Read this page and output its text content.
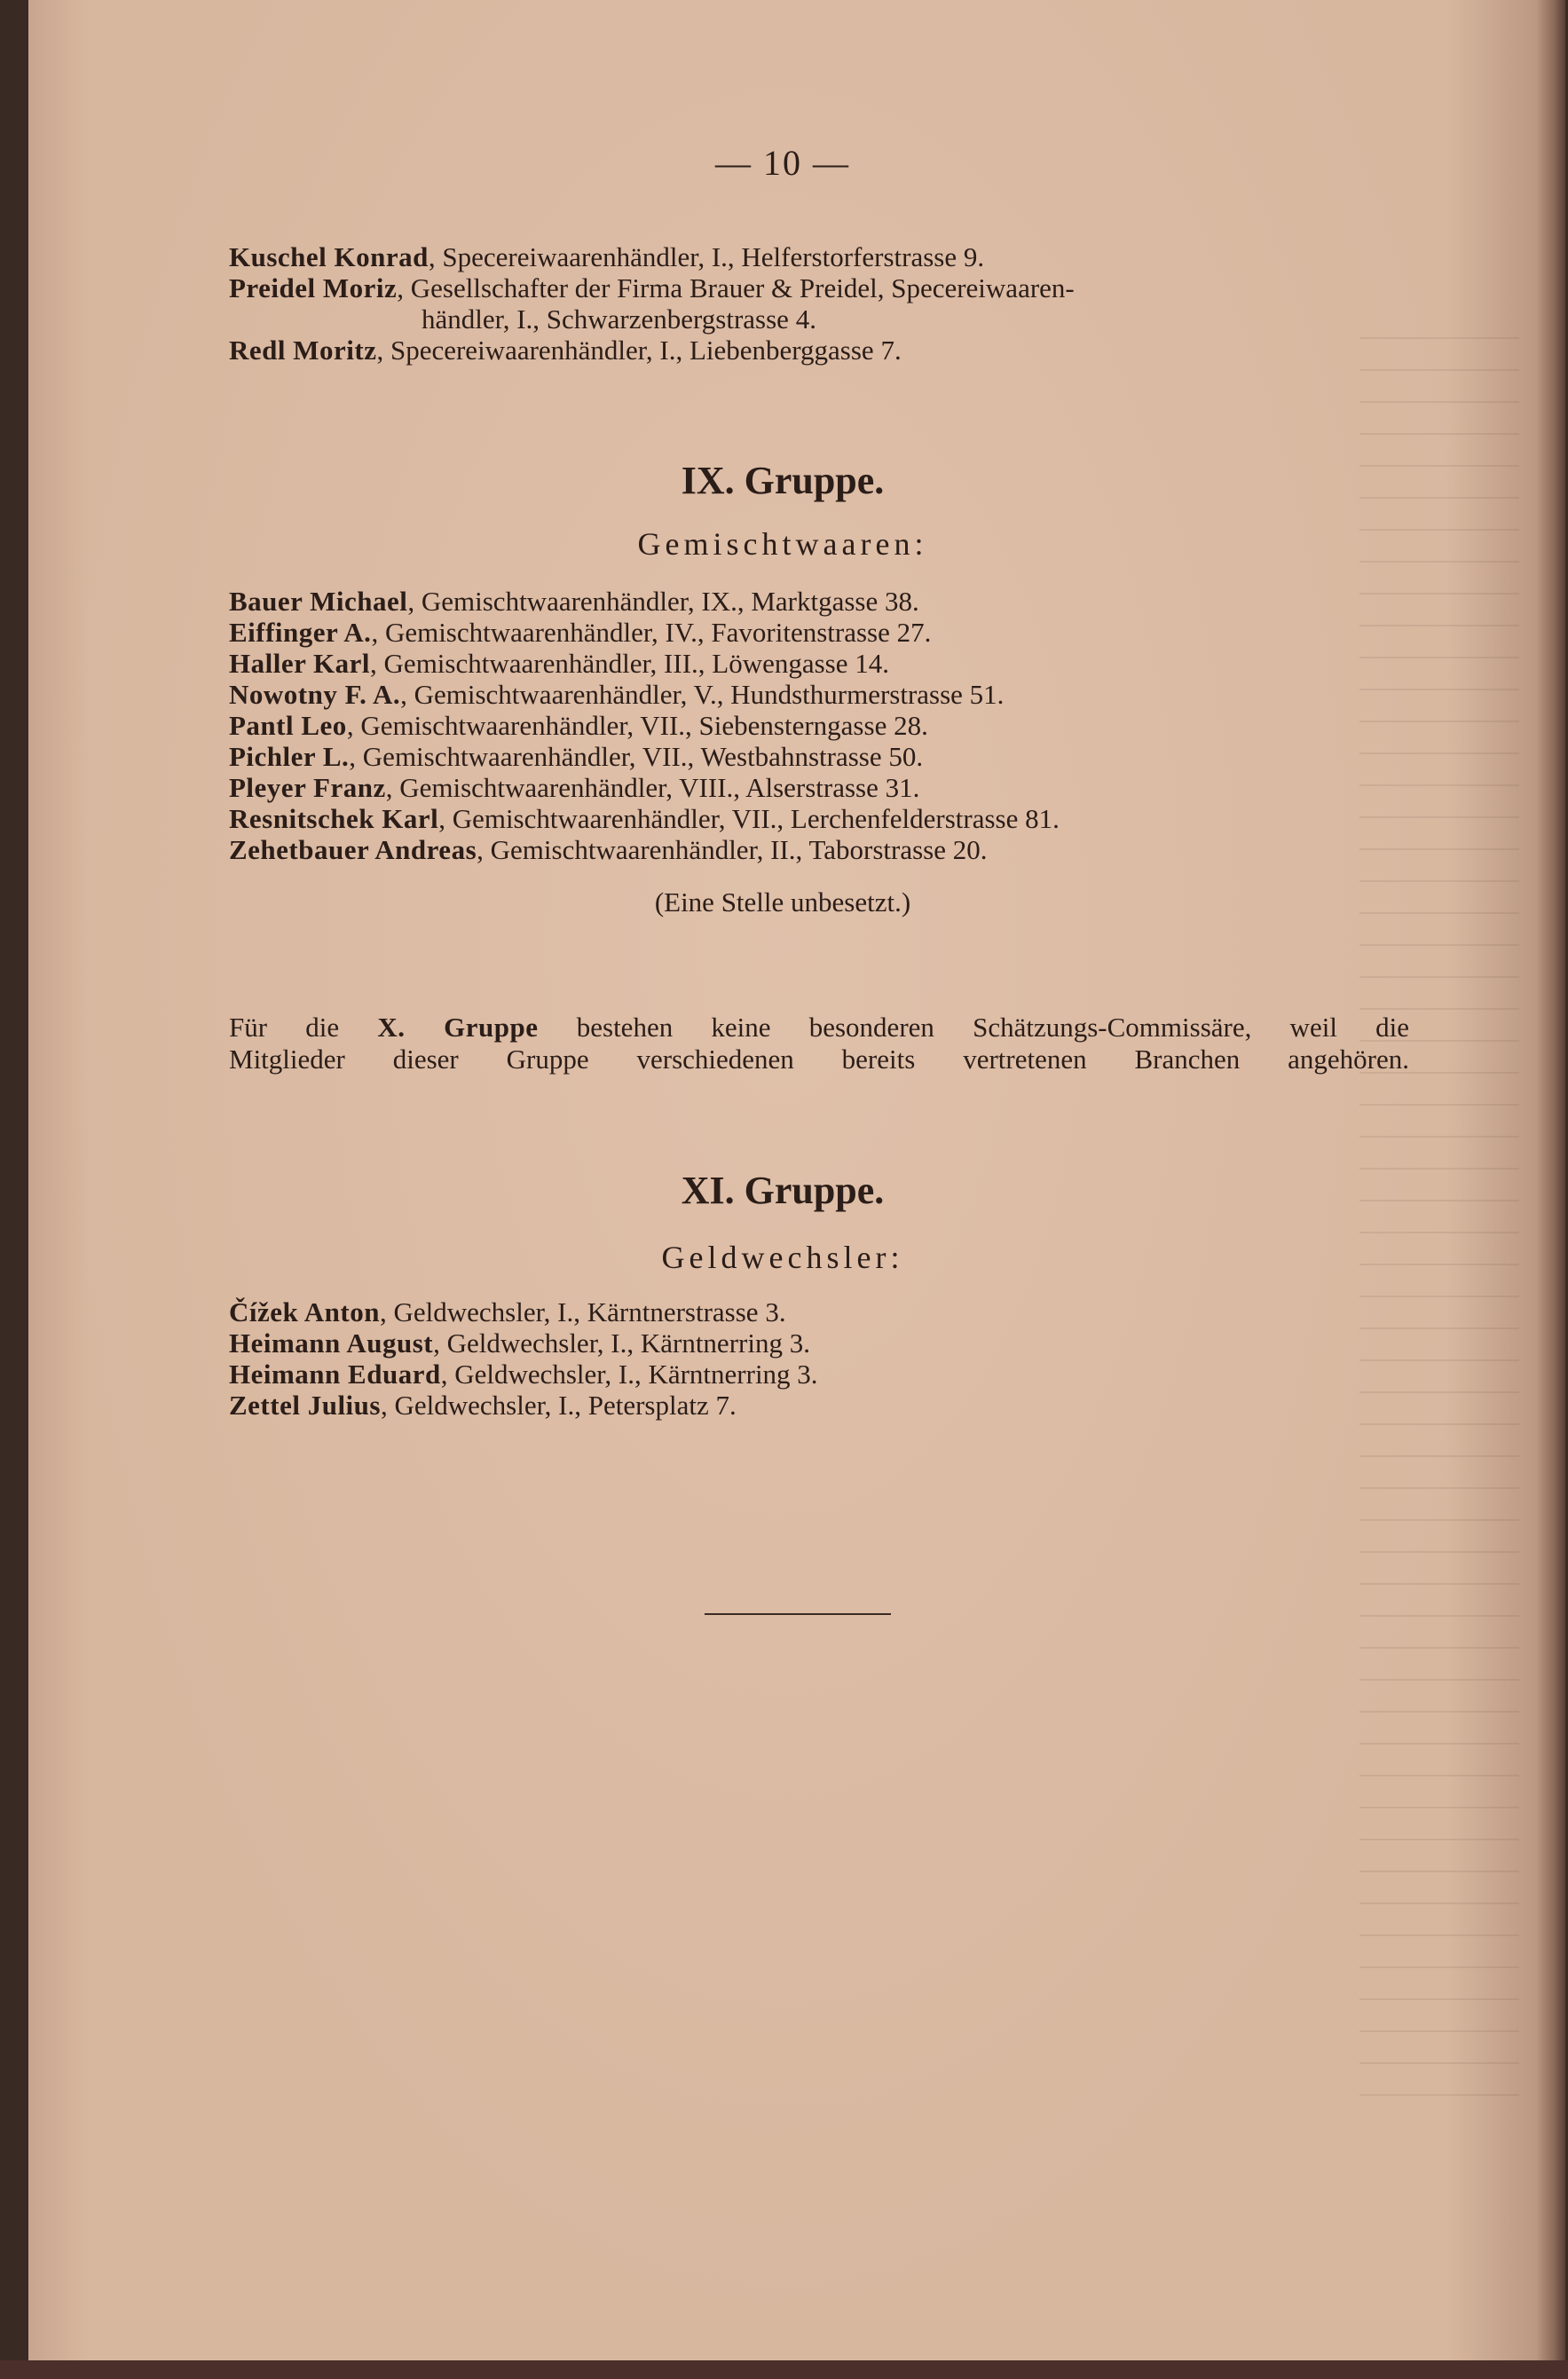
— 10 —
Kuschel Konrad, Specereiwaarenhändler, I., Helferstorferstrasse 9.
Preidel Moriz, Gesellschafter der Firma Brauer & Preidel, Specereiwaaren-
händler, I., Schwarzenbergstrasse 4.
Redl Moritz, Specereiwaarenhändler, I., Liebenberggasse 7.
IX. Gruppe.
Gemischtwaaren:
Bauer Michael, Gemischtwaarenhändler, IX., Marktgasse 38.
Eiffinger A., Gemischtwaarenhändler, IV., Favoritenstrasse 27.
Haller Karl, Gemischtwaarenhändler, III., Löwengasse 14.
Nowotny F. A., Gemischtwaarenhändler, V., Hundsthurmerstrasse 51.
Pantl Leo, Gemischtwaarenhändler, VII., Siebensterngasse 28.
Pichler L., Gemischtwaarenhändler, VII., Westbahnstrasse 50.
Pleyer Franz, Gemischtwaarenhändler, VIII., Alserstrasse 31.
Resnitschek Karl, Gemischtwaarenhändler, VII., Lerchenfelderstrasse 81.
Zehetbauer Andreas, Gemischtwaarenhändler, II., Taborstrasse 20.
(Eine Stelle unbesetzt.)
Für die X. Gruppe bestehen keine besonderen Schätzungs-Commissäre, weil die
Mitglieder dieser Gruppe verschiedenen bereits vertretenen Branchen angehören.
XI. Gruppe.
Geldwechsler:
Čížek Anton, Geldwechsler, I., Kärntnerstrasse 3.
Heimann August, Geldwechsler, I., Kärntnerring 3.
Heimann Eduard, Geldwechsler, I., Kärntnerring 3.
Zettel Julius, Geldwechsler, I., Petersplatz 7.
